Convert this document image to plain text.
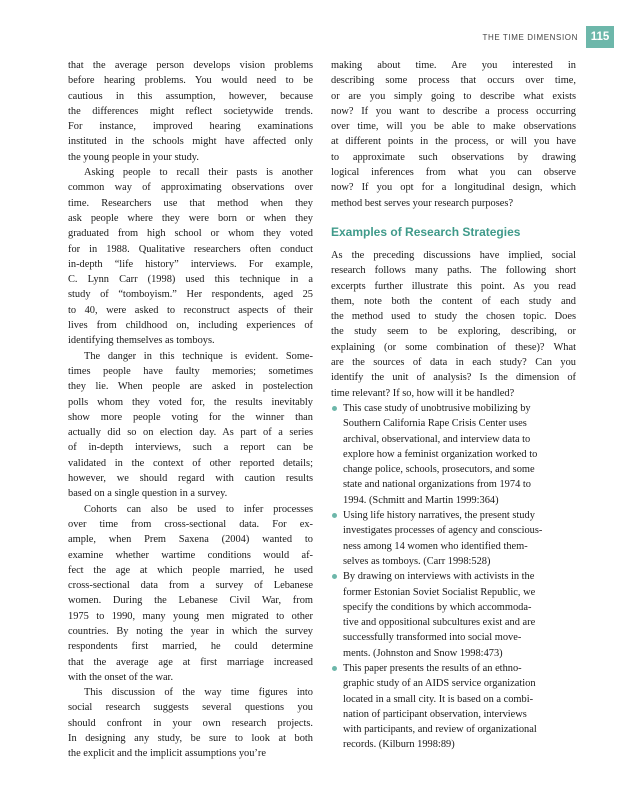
THE TIME DIMENSION	115
that the average person develops vision problems
before hearing problems. You would need to be
cautious in this assumption, however, because
the differences might reflect societywide trends.
For instance, improved hearing examinations
instituted in the schools might have affected only
the young people in your study.
Asking people to recall their pasts is another
common way of approximating observations over
time. Researchers use that method when they
ask people where they were born or when they
graduated from high school or whom they voted
for in 1988. Qualitative researchers often conduct
in-depth “life history” interviews. For example,
C. Lynn Carr (1998) used this technique in a
study of “tomboyism.” Her respondents, aged 25
to 40, were asked to reconstruct aspects of their
lives from childhood on, including experiences of
identifying themselves as tomboys.
The danger in this technique is evident. Some-
times people have faulty memories; sometimes
they lie. When people are asked in postelection
polls whom they voted for, the results inevitably
show more people voting for the winner than
actually did so on election day. As part of a series
of in-depth interviews, such a report can be
validated in the context of other reported details;
however, we should regard with caution results
based on a single question in a survey.
Cohorts can also be used to infer processes
over time from cross-sectional data. For ex-
ample, when Prem Saxena (2004) wanted to
examine whether wartime conditions would af-
fect the age at which people married, he used
cross-sectional data from a survey of Lebanese
women. During the Lebanese Civil War, from
1975 to 1990, many young men migrated to other
countries. By noting the year in which the survey
respondents first married, he could determine
that the average age at first marriage increased
with the onset of the war.
This discussion of the way time figures into
social research suggests several questions you
should confront in your own research projects.
In designing any study, be sure to look at both
the explicit and the implicit assumptions you’re
making about time. Are you interested in
describing some process that occurs over time,
or are you simply going to describe what exists
now? If you want to describe a process occurring
over time, will you be able to make observations
at different points in the process, or will you have
to approximate such observations by drawing
logical inferences from what you can observe
now? If you opt for a longitudinal design, which
method best serves your research purposes?
Examples of Research Strategies
As the preceding discussions have implied, social
research follows many paths. The following short
excerpts further illustrate this point. As you read
them, note both the content of each study and
the method used to study the chosen topic. Does
the study seem to be exploring, describing, or
explaining (or some combination of these)? What
are the sources of data in each study? Can you
identify the unit of analysis? Is the dimension of
time relevant? If so, how will it be handled?
This case study of unobtrusive mobilizing by
Southern California Rape Crisis Center uses
archival, observational, and interview data to
explore how a feminist organization worked to
change police, schools, prosecutors, and some
state and national organizations from 1974 to
1994. (Schmitt and Martin 1999:364)
Using life history narratives, the present study
investigates processes of agency and conscious-
ness among 14 women who identified them-
selves as tomboys. (Carr 1998:528)
By drawing on interviews with activists in the
former Estonian Soviet Socialist Republic, we
specify the conditions by which accommoda-
tive and oppositional subcultures exist and are
successfully transformed into social move-
ments. (Johnston and Snow 1998:473)
This paper presents the results of an ethno-
graphic study of an AIDS service organization
located in a small city. It is based on a combi-
nation of participant observation, interviews
with participants, and review of organizational
records. (Kilburn 1998:89)
